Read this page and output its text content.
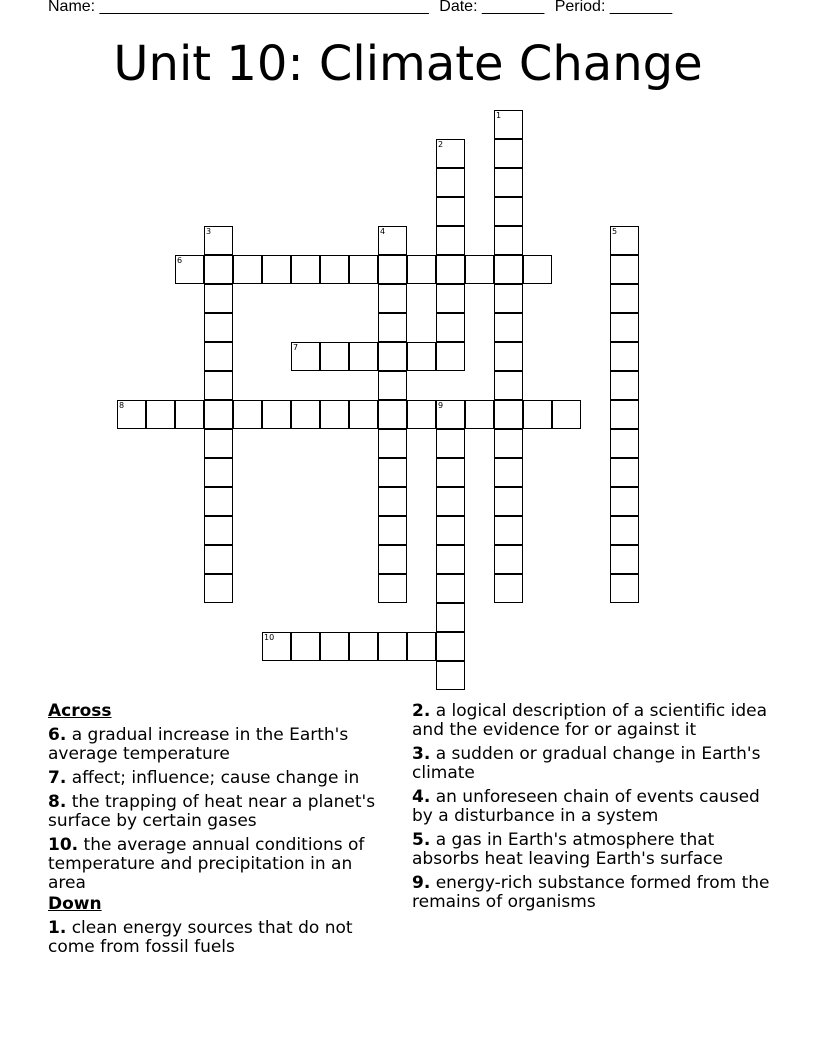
Name: _____________________________________ Date: _______ Period: _______
Unit 10: Climate Change
1
2
3	4	5
6
7
8	9
10
Across
6. a gradual increase in the Earth's average temperature
7. affect; influence; cause change in
8. the trapping of heat near a planet's surface by certain gases
10. the average annual conditions of temperature and precipitation in an area
Down
1. clean energy sources that do not come from fossil fuels
2. a logical description of a scientific idea and the evidence for or against it
3. a sudden or gradual change in Earth's climate
4. an unforeseen chain of events caused by a disturbance in a system
5. a gas in Earth's atmosphere that absorbs heat leaving Earth's surface
9. energy-rich substance formed from the remains of organisms
